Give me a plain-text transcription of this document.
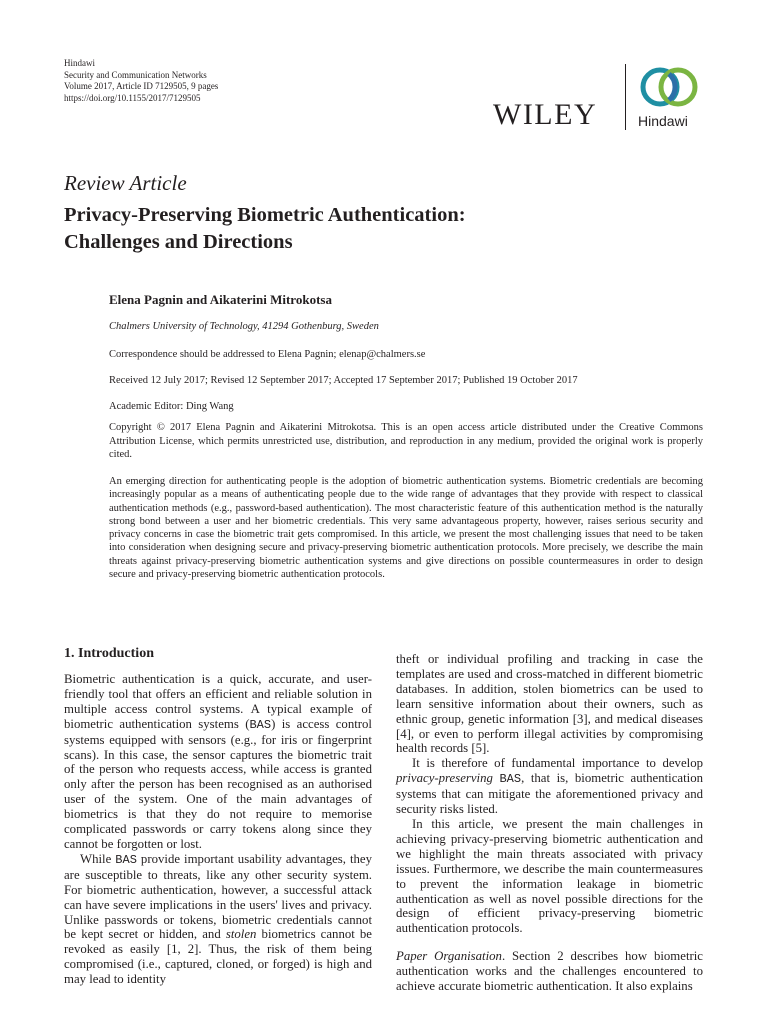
Hindawi
Security and Communication Networks
Volume 2017, Article ID 7129505, 9 pages
https://doi.org/10.1155/2017/7129505
WILEY	Hindawi
Review Article
Privacy-Preserving Biometric Authentication:
Challenges and Directions
Elena Pagnin and Aikaterini Mitrokotsa
Chalmers University of Technology, 41294 Gothenburg, Sweden
Correspondence should be addressed to Elena Pagnin; elenap@chalmers.se
Received 12 July 2017; Revised 12 September 2017; Accepted 17 September 2017; Published 19 October 2017
Academic Editor: Ding Wang
Copyright © 2017 Elena Pagnin and Aikaterini Mitrokotsa. This is an open access article distributed under the Creative Commons Attribution License, which permits unrestricted use, distribution, and reproduction in any medium, provided the original work is properly cited.
An emerging direction for authenticating people is the adoption of biometric authentication systems. Biometric credentials are becoming increasingly popular as a means of authenticating people due to the wide range of advantages that they provide with respect to classical authentication methods (e.g., password-based authentication). The most characteristic feature of this authentication method is the naturally strong bond between a user and her biometric credentials. This very same advantageous property, however, raises serious security and privacy concerns in case the biometric trait gets compromised. In this article, we present the most challenging issues that need to be taken into consideration when designing secure and privacy-preserving biometric authentication protocols. More precisely, we describe the main threats against privacy-preserving biometric authentication systems and give directions on possible countermeasures in order to design secure and privacy-preserving biometric authentication protocols.
1. Introduction

Biometric authentication is a quick, accurate, and user-friendly tool that offers an efficient and reliable solution in multiple access control systems. A typical example of biometric authentication systems (BAS) is access control systems equipped with sensors (e.g., for iris or fingerprint scans). In this case, the sensor captures the biometric trait of the person who requests access, while access is granted only after the person has been recognised as an authorised user of the system. One of the main advantages of biometrics is that they do not require to memorise complicated passwords or carry tokens along since they cannot be forgotten or lost.

While BAS provide important usability advantages, they are susceptible to threats, like any other security system. For biometric authentication, however, a successful attack can have severe implications in the users' lives and privacy. Unlike passwords or tokens, biometric credentials cannot be kept secret or hidden, and stolen biometrics cannot be revoked as easily [1, 2]. Thus, the risk of them being compromised (i.e., captured, cloned, or forged) is high and may lead to identity

theft or individual profiling and tracking in case the templates are used and cross-matched in different biometric databases. In addition, stolen biometrics can be used to learn sensitive information about their owners, such as ethnic group, genetic information [3], and medical diseases [4], or even to perform illegal activities by compromising health records [5].

It is therefore of fundamental importance to develop privacy-preserving BAS, that is, biometric authentication systems that can mitigate the aforementioned privacy and security risks listed.

In this article, we present the main challenges in achieving privacy-preserving biometric authentication and we highlight the main threats associated with privacy issues. Furthermore, we describe the main countermeasures to prevent the information leakage in biometric authentication as well as novel possible directions for the design of efficient privacy-preserving biometric authentication protocols.

Paper Organisation. Section 2 describes how biometric authentication works and the challenges encountered to achieve accurate biometric authentication. It also explains
